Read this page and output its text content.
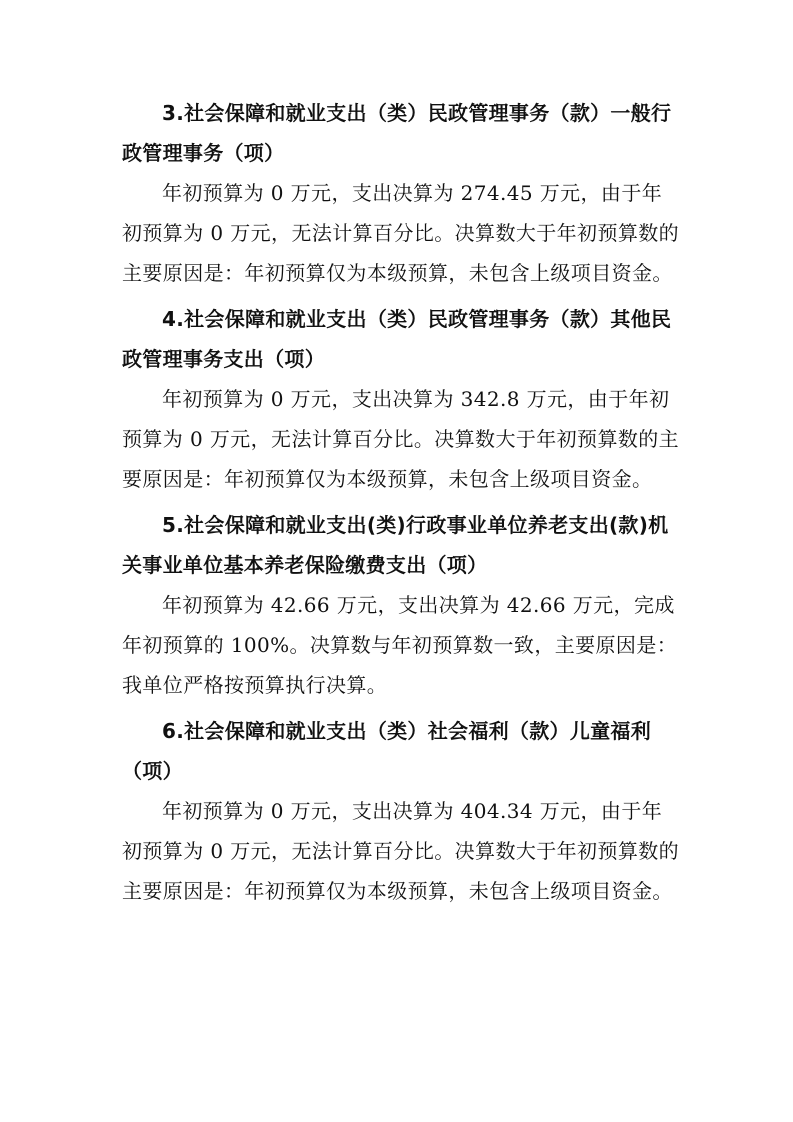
3.社会保障和就业支出（类）民政管理事务（款）一般行政管理事务（项）

年初预算为 0 万元，支出决算为 274.45 万元，由于年初预算为 0 万元，无法计算百分比。决算数大于年初预算数的主要原因是：年初预算仅为本级预算，未包含上级项目资金。

4.社会保障和就业支出（类）民政管理事务（款）其他民政管理事务支出（项）

年初预算为 0 万元，支出决算为 342.8 万元，由于年初预算为 0 万元，无法计算百分比。决算数大于年初预算数的主要原因是：年初预算仅为本级预算，未包含上级项目资金。

5.社会保障和就业支出(类)行政事业单位养老支出(款)机关事业单位基本养老保险缴费支出（项）

年初预算为 42.66 万元，支出决算为 42.66 万元，完成年初预算的 100%。决算数与年初预算数一致，主要原因是：我单位严格按预算执行决算。

6.社会保障和就业支出（类）社会福利（款）儿童福利（项）

年初预算为 0 万元，支出决算为 404.34 万元，由于年初预算为 0 万元，无法计算百分比。决算数大于年初预算数的主要原因是：年初预算仅为本级预算，未包含上级项目资金。
